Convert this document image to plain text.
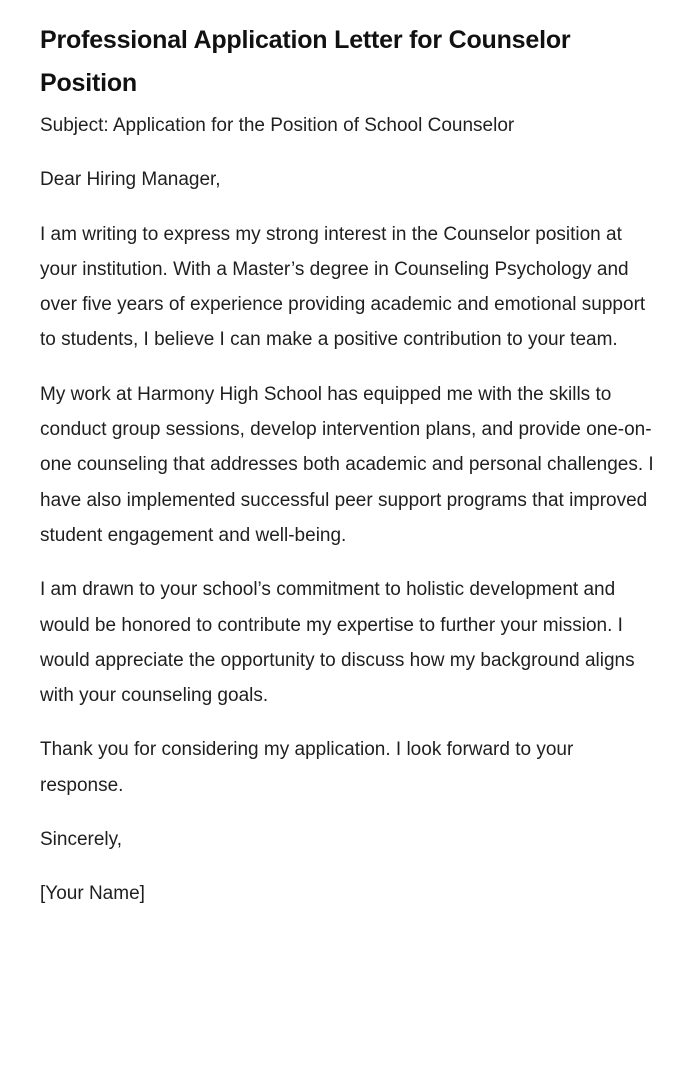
Professional Application Letter for Counselor Position

Subject: Application for the Position of School Counselor

Dear Hiring Manager,

I am writing to express my strong interest in the Counselor position at your institution. With a Master’s degree in Counseling Psychology and over five years of experience providing academic and emotional support to students, I believe I can make a positive contribution to your team.

My work at Harmony High School has equipped me with the skills to conduct group sessions, develop intervention plans, and provide one-on-one counseling that addresses both academic and personal challenges. I have also implemented successful peer support programs that improved student engagement and well-being.

I am drawn to your school’s commitment to holistic development and would be honored to contribute my expertise to further your mission. I would appreciate the opportunity to discuss how my background aligns with your counseling goals.

Thank you for considering my application. I look forward to your response.

Sincerely,

[Your Name]
